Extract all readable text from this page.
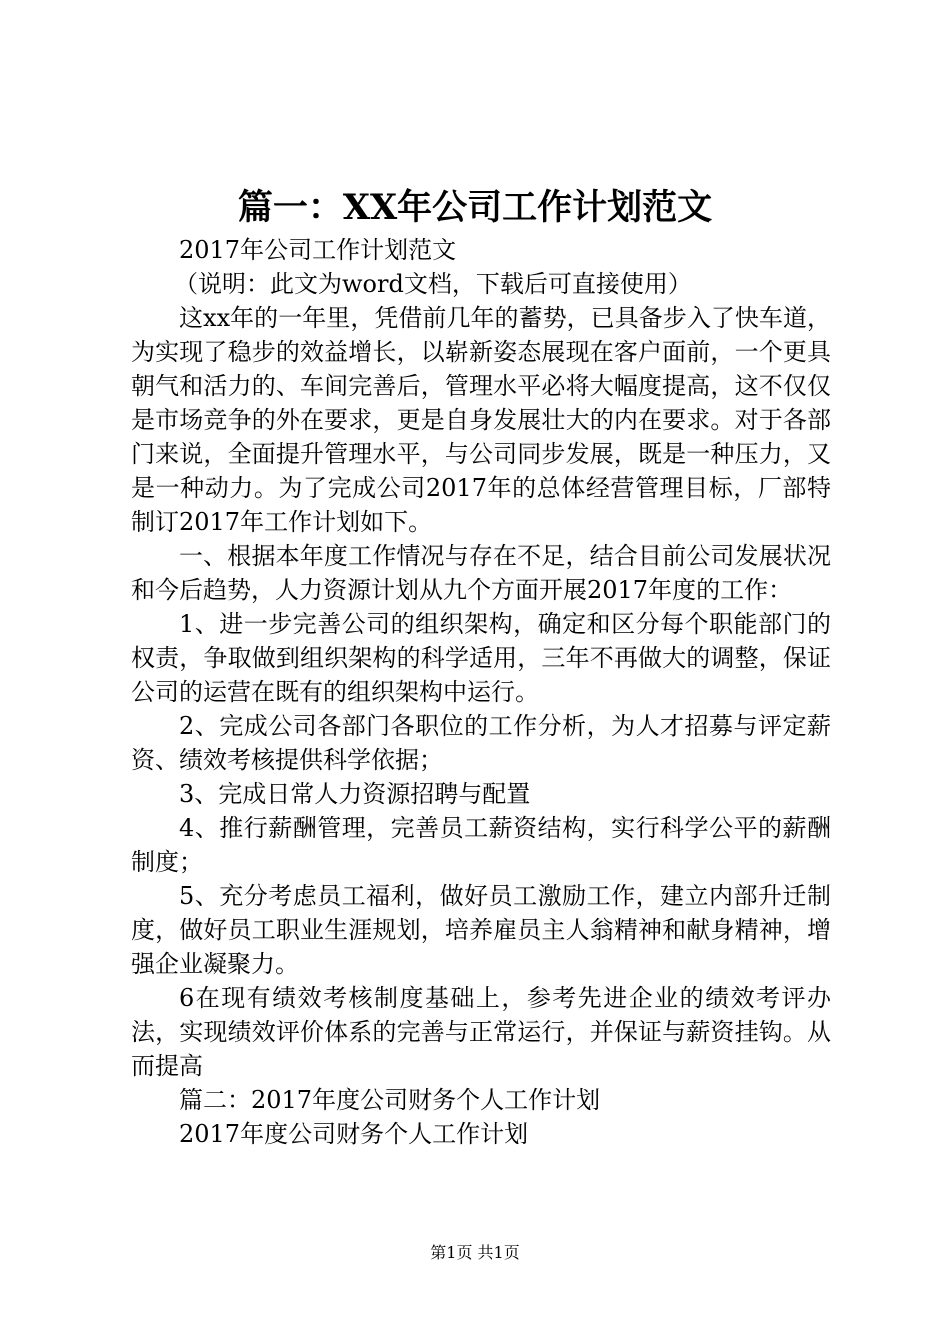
篇一：XX年公司工作计划范文

2017年公司工作计划范文

（说明：此文为word文档，下载后可直接使用）

这xx年的一年里，凭借前几年的蓄势，已具备步入了快车道，为实现了稳步的效益增长，以崭新姿态展现在客户面前，一个更具朝气和活力的、车间完善后，管理水平必将大幅度提高，这不仅仅是市场竞争的外在要求，更是自身发展壮大的内在要求。对于各部门来说，全面提升管理水平，与公司同步发展，既是一种压力，又是一种动力。为了完成公司2017年的总体经营管理目标，厂部特制订2017年工作计划如下。

一、根据本年度工作情况与存在不足，结合目前公司发展状况和今后趋势，人力资源计划从九个方面开展2017年度的工作：

1、进一步完善公司的组织架构，确定和区分每个职能部门的权责，争取做到组织架构的科学适用，三年不再做大的调整，保证公司的运营在既有的组织架构中运行。

2、完成公司各部门各职位的工作分析，为人才招募与评定薪资、绩效考核提供科学依据；

3、完成日常人力资源招聘与配置

4、推行薪酬管理，完善员工薪资结构，实行科学公平的薪酬制度；

5、充分考虑员工福利，做好员工激励工作，建立内部升迁制度，做好员工职业生涯规划，培养雇员主人翁精神和献身精神，增强企业凝聚力。

6在现有绩效考核制度基础上，参考先进企业的绩效考评办法，实现绩效评价体系的完善与正常运行，并保证与薪资挂钩。从而提高

篇二：2017年度公司财务个人工作计划

2017年度公司财务个人工作计划

第1页 共1页
